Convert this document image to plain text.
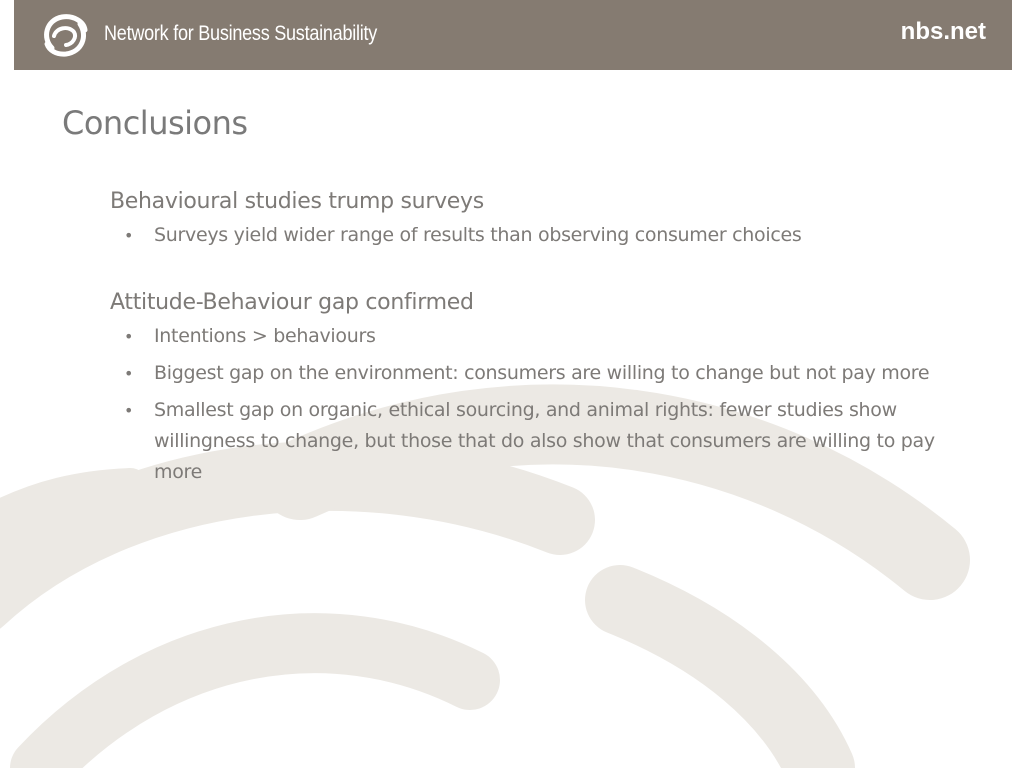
Network for Business Sustainability	nbs.net
Conclusions
Behavioural studies trump surveys
• Surveys yield wider range of results than observing consumer choices
Attitude-Behaviour gap confirmed
• Intentions > behaviours
• Biggest gap on the environment: consumers are willing to change but not pay more
• Smallest gap on organic, ethical sourcing, and animal rights: fewer studies show willingness to change, but those that do also show that consumers are willing to pay more
